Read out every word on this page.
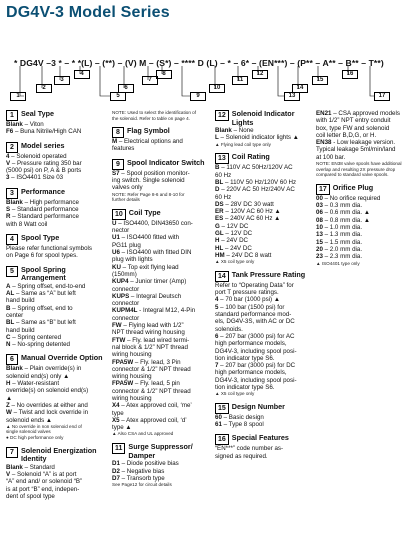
DG4V-3 Model Series
* DG4V –3 * – * *(L) – (**) – (V) M – (S*) – **** D (L) – * – 6* – (EN***) – (P** – A** – B** – T**)
1
2
3
4
5
6
7
8
9
10
11
12
13
14
15
16
17
1 Seal Type
Blank – Viton
F6 – Buna Nitrile/High CAN
2 Model series
4 – Solenoid operated
V – Pressure rating 350 bar
(5000 psi) on P, A & B ports
3 – ISO4401 Size 03
3 Performance
Blank – High performance
S – Standard performance
R – Standard performance
with 8 Watt coil
4 Spool Type
Please refer functional symbols
on Page 6 for spool types.
5 Spool Spring Arrangement
A – Spring offset, end-to-end
AL – Same as “A” but left
hand build
B – Spring offset, end to
center
BL – Same as “B” but left
hand build
C – Spring centered
N – No-spring detented
6 Manual Override Option
Blank – Plain override(s) in
solenoid end(s) only ▲
H – Water-resistant
override(s) on solenoid end(s)
▲
Z – No overrides at either and
W – Twist and lock override in
solenoid ends ▲
▲ No override in non solenoid end of
single solenoid valves
● DC high performance only
7 Solenoid Energization Identity
Blank – Standard
V – Solenoid “A” is at port
“A” end and/ or solenoid “B”
is at port “B” end, indepen-
dent of spool type
NOTE: Used to select the identification of
the solenoid. Refer to table on page 4.
8 Flag Symbol
M – Electrical options and
features
9 Spool Indicator Switch
S7 – Spool position monitor-
ing switch. Single solenoid
valves only
NOTE: Refer Page 8-6 and 8-10 for
further details
10 Coil Type
U – ISO4400, DIN43650 con-
nector
U1 – ISO4400 fitted with
PG11 plug
U6 – ISO4400 with fitted DIN
plug with lights
KU – Top exit flying lead
(150mm)
KUP4 – Junior timer (Amp)
connector
KUPS – Integral Deutsch
connector
KUPM4L - Integral M12, 4-Pin
connector
FW – Flying lead with 1/2”
NPT thread wiring housing
FTW – Fly. lead wired termi-
nal block & 1/2” NPT thread
wiring housing
FPA5W – Fly. lead, 3 Pin
connector & 1/2” NPT thread
wiring housing
FPA5W – Fly. lead, 5 pin
connector & 1/2” NPT thread
wiring housing
X4 – Atex approved coil, ‘me’
type
X5 – Atex approved coil, ‘d’
type ▲
▲ Also CSA and UL approved
11 Surge Suppressor/ Damper
D1 – Diode positive bias
D2 – Negative bias
D7 – Transorb type
See Page12 for circuit details
12 Solenoid Indicator Lights
Blank – None
L – Solenoid indicator lights ▲
▲ Flying lead coil type only
13 Coil Rating
B – 110V AC 50Hz/120V AC
60 Hz
BL – 110V 50 Hz/120V 60 Hz
D – 220V AC 50 Hz/240V AC
60 Hz
DS – 28V DC 30 watt
ER – 120V AC 60 Hz ▲
ES – 240V AC 60 Hz ▲
G – 12V DC
GL – 12V DC
H – 24V DC
HL – 24V DC
HM – 24V DC 8 watt
▲ X5 coil type only
14 Tank Pressure Rating
Refer to “Operating Data” for
port T pressure ratings.
4 – 70 bar (1000 psi) ▲
5 – 100 bar (1500 psi) for
standard performance mod-
els, DG4V-3S, with AC or DC
solenoids.
6 – 207 bar (3000 psi) for AC
high performance models,
DG4V-3, including spool posi-
tion indicator type S6.
7 – 207 bar (3000 psi) for DC
high performance models,
DG4V-3, including spool posi-
tion indicator type S6.
▲ X5 coil type only
15 Design Number
60 – Basic design
61 – Type 8 spool
16 Special Features
“EN***” code number as-
signed as required.
EN21 – CSA approved models
with 1/2” NPT entry conduit
box, type FW and solenoid
coil letter B,D,G, or H.
EN38 - Low leakage version.
Typical leakage 5ml/min/land
at 100 bar.
NOTE: EN38 valve spools have additional
overlap and resulting 2X pressure drop
compared to standard valve spools.
17 Orifice Plug
00 – No orifice required
03 – 0.3 mm dia.
06 – 0.6 mm dia. ▲
08 – 0.8 mm dia. ▲
10 – 1.0 mm dia.
13 – 1.3 mm dia.
15 – 1.5 mm dia.
20 – 2.0 mm dia.
23 – 2.3 mm dia.
▲ ISO4401 type only
